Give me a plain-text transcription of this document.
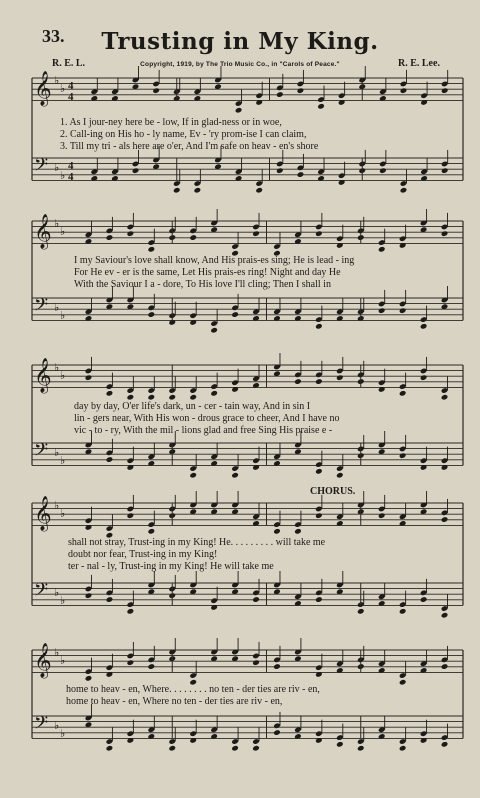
33.	Trusting in My King.
R. E. L.	R. E. Lee.
Copyright, 1919, by The Trio Music Co., in "Carols of Peace."
𝄞 ♭
♭ 4
4
𝄢 ♭
♭
4
4
𝄞 ♭
♭
𝄢 ♭
♭
𝄞 ♭
♭
𝄢 ♭
♭
𝄞 ♭
♭
𝄢 ♭
♭
𝄞 ♭
♭
𝄢 ♭
♭
CHORUS.
1. As I jour-ney here be - low, If in glad-ness or in woe,
2. Call-ing on His ho - ly name, Ev - 'ry prom-ise I can claim,
3. Till my tri - als here are o'er, And I'm safe on heav - en's shore
I my Saviour's love shall know, And His prais-es sing; He is lead - ing
For He ev - er is the same, Let His prais-es ring! Night and day He
With the Saviour I a - dore, To His love I'll cling; Then I shall in
day by day, O'er life's dark, un - cer - tain way, And in sin I
lin - gers near, With His won - drous grace to cheer, And I have no
vic - to - ry, With the mil - lions glad and free Sing His praise e -
shall not stray, Trust-ing in my King! He. . . . . . . . . will take me
doubt nor fear, Trust-ing in my King!
ter - nal - ly, Trust-ing in my King! He will take me
home to heav - en, Where. . . . . . . . no ten - der ties are riv - en,
home to heav - en, Where no ten - der ties are riv - en,
